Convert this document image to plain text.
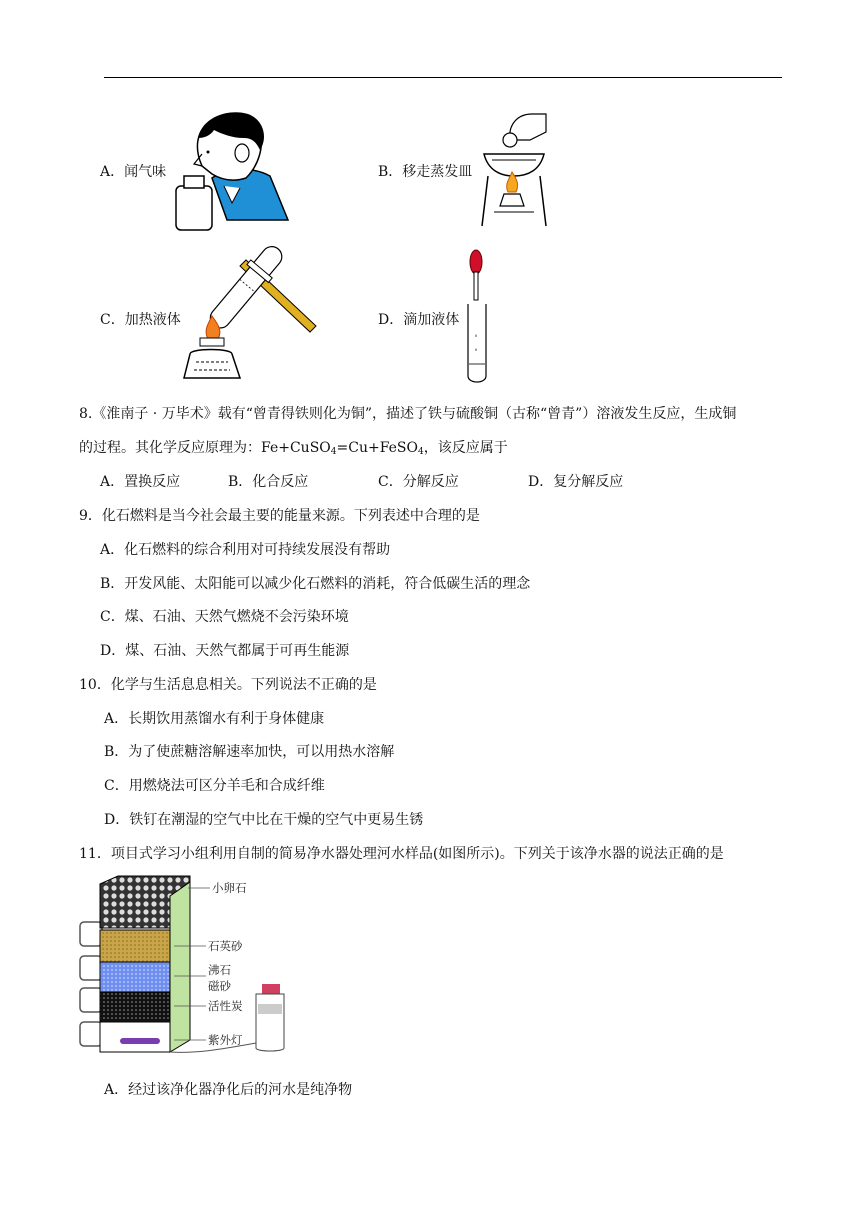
A．闻气味	B．移走蒸发皿
C．加热液体	D．滴加液体
8.《淮南子 · 万毕术》载有“曾青得铁则化为铜”，描述了铁与硫酸铜（古称“曾青”）溶液发生反应，生成铜
的过程。其化学反应原理为：Fe+CuSO$_4$=Cu+FeSO$_4$，该反应属于
A．置换反应	B．化合反应	C．分解反应	D．复分解反应
9．化石燃料是当今社会最主要的能量来源。下列表述中合理的是
A．化石燃料的综合利用对可持续发展没有帮助
B．开发风能、太阳能可以减少化石燃料的消耗，符合低碳生活的理念
C．煤、石油、天然气燃烧不会污染环境
D．煤、石油、天然气都属于可再生能源
10．化学与生活息息相关。下列说法不正确的是
A．长期饮用蒸馏水有利于身体健康
B．为了使蔗糖溶解速率加快，可以用热水溶解
C．用燃烧法可区分羊毛和合成纤维
D．铁钉在潮湿的空气中比在干燥的空气中更易生锈
11．项目式学习小组利用自制的简易净水器处理河水样品(如图所示)。下列关于该净水器的说法正确的是
小卵石
石英砂
沸石
磁砂
活性炭
紫外灯
A．经过该净化器净化后的河水是纯净物
